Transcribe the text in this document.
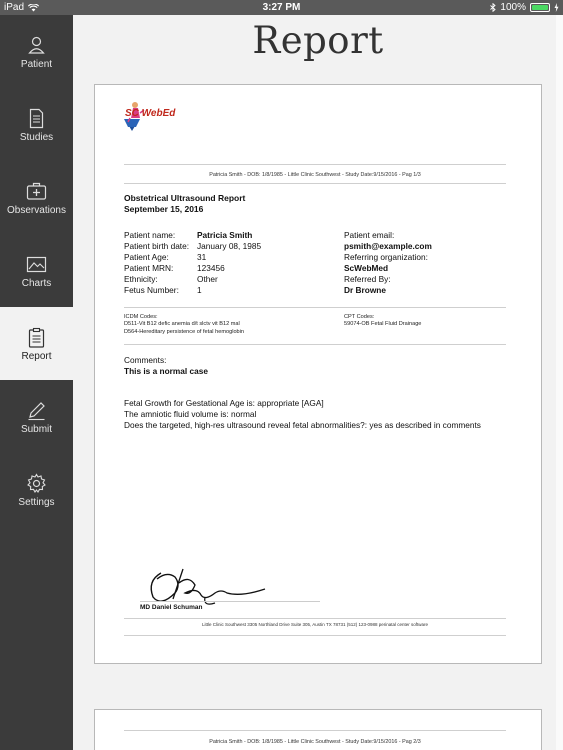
iPad	3:27 PM	100%
Patient
Studies
Observations
Charts
Report
Submit
Settings
Report
SC WebEd
Patricia Smith - DOB: 1/8/1985 - Little Clinic Southwest - Study Date:9/15/2016 - Pag 1/3
Obstetrical Ultrasound Report
September 15, 2016
Patient name:	Patricia Smith
Patient birth date: January 08, 1985
Patient Age:	31
Patient MRN:	123456
Ethnicity:	Other
Fetus Number:	1
Patient email:
psmith@example.com
Referring organization:
ScWebMed
Referred By:
Dr Browne
ICDM Codes:
D511-Vit B12 defic anemia d/t slctv vit B12 mal
D564-Hereditary persistence of fetal hemoglobin
CPT Codes:
59074-OB Fetal Fluid Drainage
Comments:
This is a normal case
Fetal Growth for Gestational Age is: appropriate [AGA]
The amniotic fluid volume is: normal
Does the targeted, high-res ultrasound reveal fetal abnormalities?: yes as described in comments
MD Daniel Schuman
Little Clinic Southwest 3305 Northland Drive Suite 305, Austin TX 78731 (512) 123-0988 perinatal center software
Patricia Smith - DOB: 1/8/1985 - Little Clinic Southwest - Study Date:9/15/2016 - Pag 2/3
